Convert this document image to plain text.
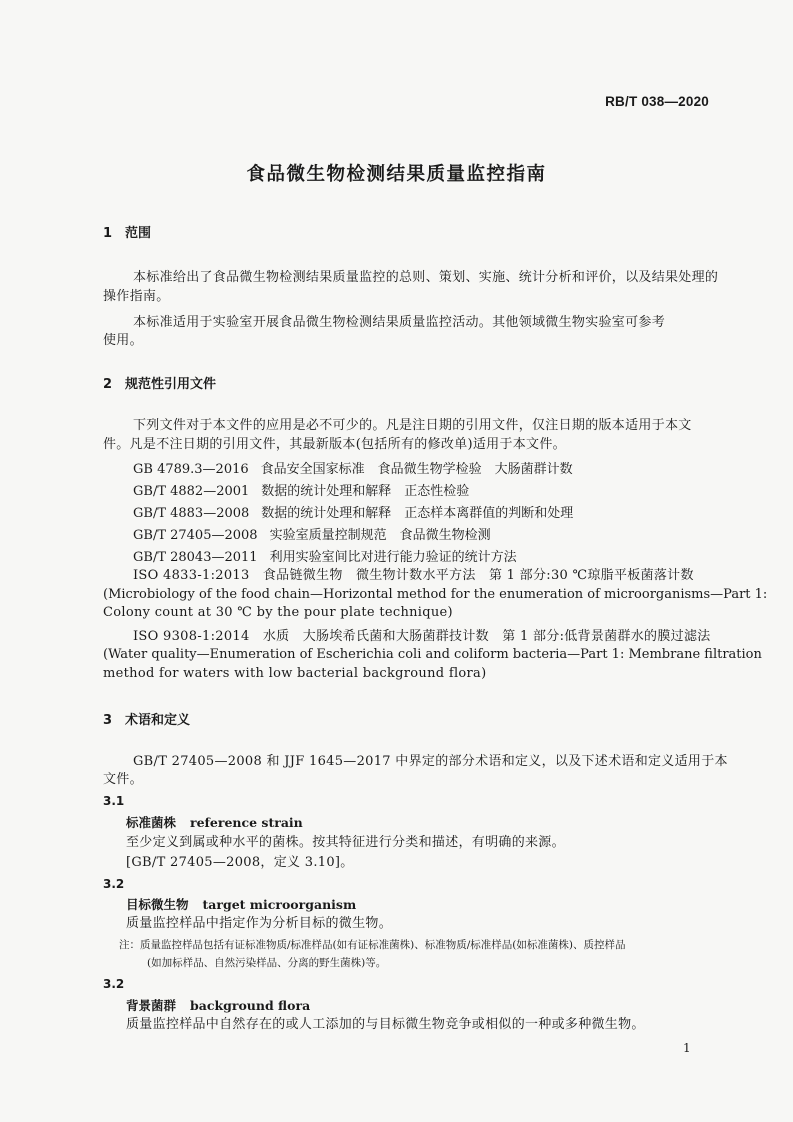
RB/T 038—2020
食品微生物检测结果质量监控指南
1 范围
本标准给出了食品微生物检测结果质量监控的总则、策划、实施、统计分析和评价，以及结果处理的
操作指南。
本标准适用于实验室开展食品微生物检测结果质量监控活动。其他领域微生物实验室可参考
使用。
2 规范性引用文件
下列文件对于本文件的应用是必不可少的。凡是注日期的引用文件，仅注日期的版本适用于本文
件。凡是不注日期的引用文件，其最新版本(包括所有的修改单)适用于本文件。
GB 4789.3—2016 食品安全国家标准　食品微生物学检验　大肠菌群计数
GB/T 4882—2001 数据的统计处理和解释　正态性检验
GB/T 4883—2008 数据的统计处理和解释　正态样本离群值的判断和处理
GB/T 27405—2008 实验室质量控制规范　食品微生物检测
GB/T 28043—2011 利用实验室间比对进行能力验证的统计方法
ISO 4833-1:2013　食品链微生物　微生物计数水平方法　第 1 部分:30 ℃琼脂平板菌落计数
(Microbiology of the food chain—Horizontal method for the enumeration of microorganisms—Part 1:
Colony count at 30 ℃ by the pour plate technique)
ISO 9308-1:2014　水质　大肠埃希氏菌和大肠菌群技计数　第 1 部分:低背景菌群水的膜过滤法
(Water quality—Enumeration of Escherichia coli and coliform bacteria—Part 1: Membrane filtration
method for waters with low bacterial background flora)
3 术语和定义
GB/T 27405—2008 和 JJF 1645—2017 中界定的部分术语和定义，以及下述术语和定义适用于本
文件。
3.1
标准菌株 reference strain
至少定义到属或种水平的菌株。按其特征进行分类和描述，有明确的来源。
[GB/T 27405—2008，定义 3.10]。
3.2
目标微生物 target microorganism
质量监控样品中指定作为分析目标的微生物。
注：质量监控样品包括有证标准物质/标准样品(如有证标准菌株)、标准物质/标准样品(如标准菌株)、质控样品
(如加标样品、自然污染样品、分离的野生菌株)等。
3.2
背景菌群 background flora
质量监控样品中自然存在的或人工添加的与目标微生物竞争或相似的一种或多种微生物。
1
